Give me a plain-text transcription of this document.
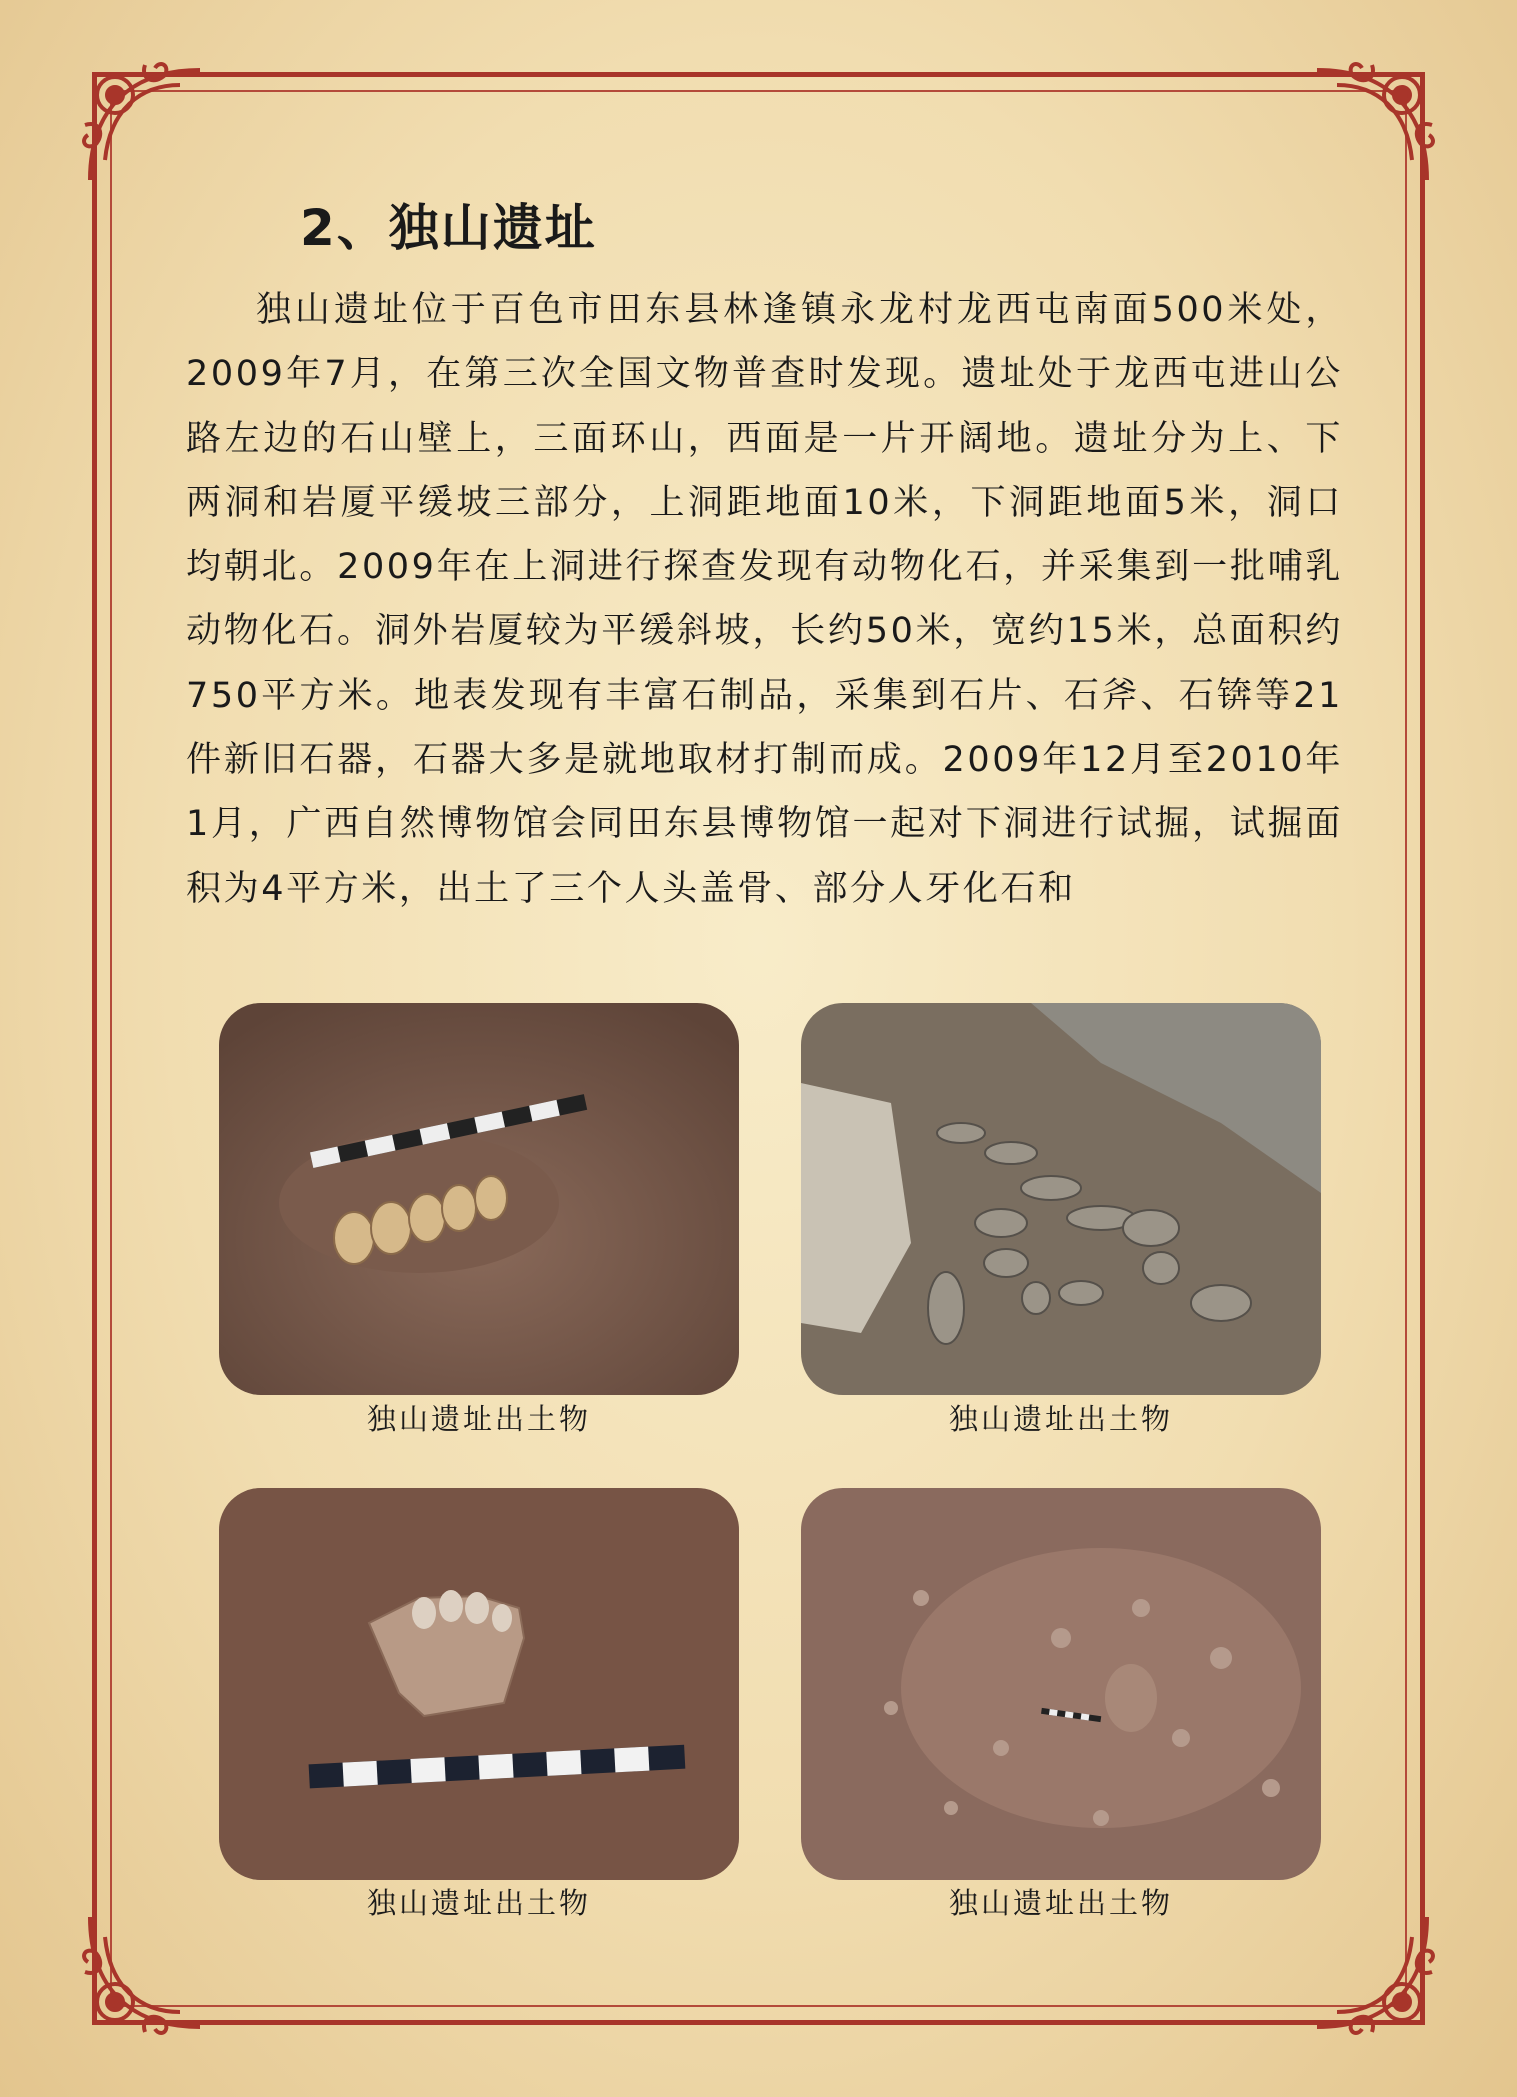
2、独山遗址

独山遗址位于百色市田东县林逢镇永龙村龙西屯南面500米处，2009年7月，在第三次全国文物普查时发现。遗址处于龙西屯进山公路左边的石山壁上，三面环山，西面是一片开阔地。遗址分为上、下两洞和岩厦平缓坡三部分，上洞距地面10米，下洞距地面5米，洞口均朝北。2009年在上洞进行探查发现有动物化石，并采集到一批哺乳动物化石。洞外岩厦较为平缓斜坡，长约50米，宽约15米，总面积约750平方米。地表发现有丰富石制品，采集到石片、石斧、石锛等21件新旧石器，石器大多是就地取材打制而成。2009年12月至2010年1月，广西自然博物馆会同田东县博物馆一起对下洞进行试掘，试掘面积为4平方米，出土了三个人头盖骨、部分人牙化石和

独山遗址出土物	独山遗址出土物
独山遗址出土物	独山遗址出土物
